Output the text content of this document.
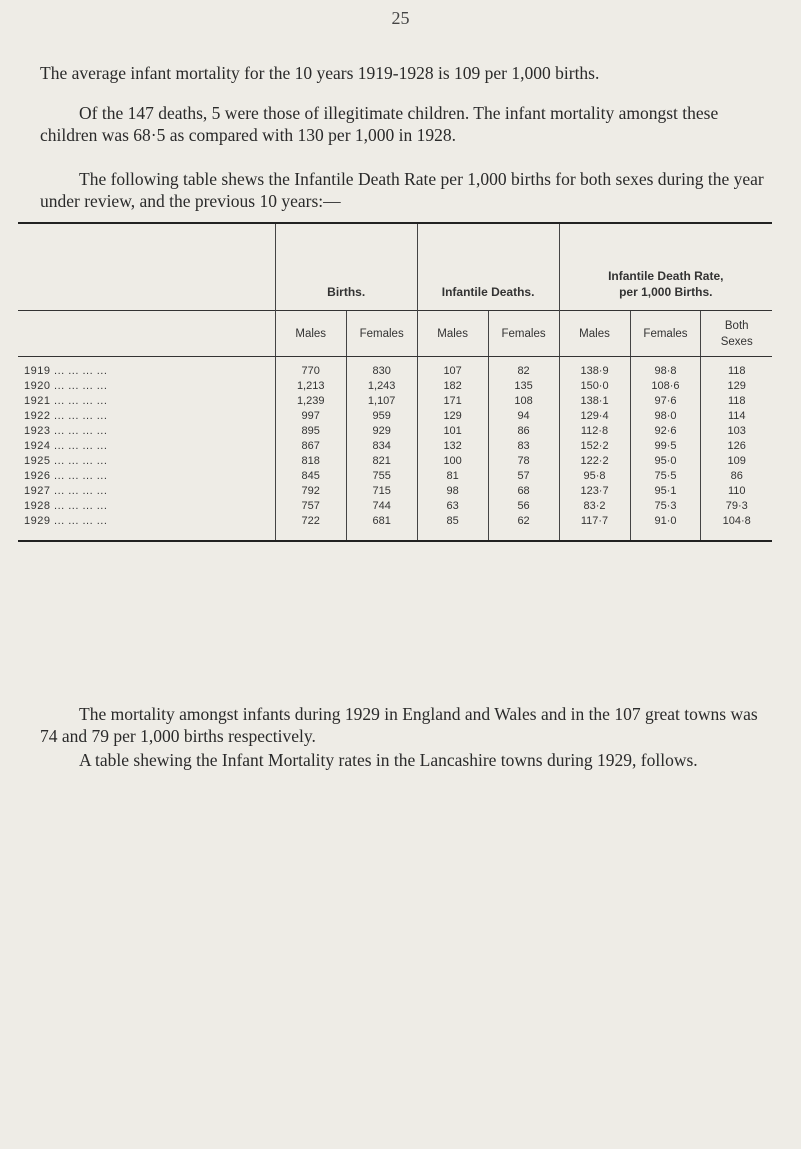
25

The average infant mortality for the 10 years 1919-1928 is 109 per 1,000 births.

Of the 147 deaths, 5 were those of illegitimate children. The infant mortality amongst these children was 68·5 as compared with 130 per 1,000 in 1928.

The following table shews the Infantile Death Rate per 1,000 births for both sexes during the year under review, and the previous 10 years:—

	Births.		Infantile Deaths.		Infantile Death Rate,
per 1,000 Births.		
	Males	Females	Males	Females	Males	Females	Both
Sexes
1919 ... ... ... ...	770	830	107	82	138·9	98·8	118
1920 ... ... ... ...	1,213	1,243	182	135	150·0	108·6	129
1921 ... ... ... ...	1,239	1,107	171	108	138·1	97·6	118
1922 ... ... ... ...	997	959	129	94	129·4	98·0	114
1923 ... ... ... ...	895	929	101	86	112·8	92·6	103
1924 ... ... ... ...	867	834	132	83	152·2	99·5	126
1925 ... ... ... ...	818	821	100	78	122·2	95·0	109
1926 ... ... ... ...	845	755	81	57	95·8	75·5	86
1927 ... ... ... ...	792	715	98	68	123·7	95·1	110
1928 ... ... ... ...	757	744	63	56	83·2	75·3	79·3
1929 ... ... ... ...	722	681	85	62	117·7	91·0	104·8

The mortality amongst infants during 1929 in England and Wales and in the 107 great towns was 74 and 79 per 1,000 births respectively.

A table shewing the Infant Mortality rates in the Lancashire towns during 1929, follows.
